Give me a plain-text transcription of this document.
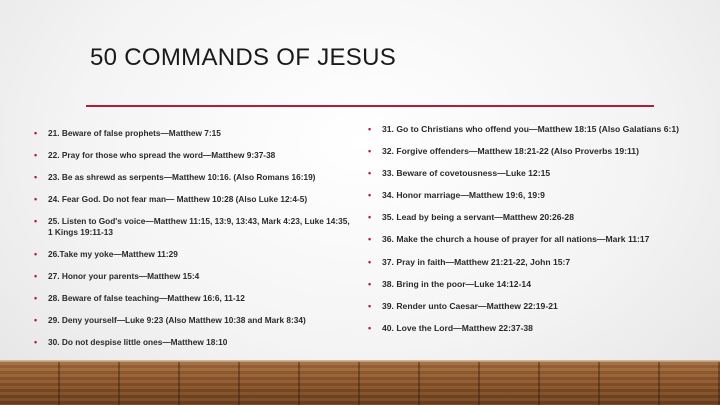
50 COMMANDS OF JESUS
• 21. Beware of false prophets—Matthew 7:15
• 22. Pray for those who spread the word—Matthew 9:37-38
• 23. Be as shrewd as serpents—Matthew 10:16. (Also Romans 16:19)
• 24. Fear God. Do not fear man— Matthew 10:28 (Also Luke 12:4-5)
• 25. Listen to God's voice—Matthew 11:15, 13:9, 13:43, Mark 4:23, Luke 14:35, 1 Kings 19:11-13
• 26.Take my yoke—Matthew 11:29
• 27. Honor your parents—Matthew 15:4
• 28. Beware of false teaching—Matthew 16:6, 11-12
• 29. Deny yourself—Luke 9:23 (Also Matthew 10:38 and Mark 8:34)
• 30. Do not despise little ones—Matthew 18:10
• 31. Go to Christians who offend you—Matthew 18:15 (Also Galatians 6:1)
• 32. Forgive offenders—Matthew 18:21-22 (Also Proverbs 19:11)
• 33. Beware of covetousness—Luke 12:15
• 34. Honor marriage—Matthew 19:6, 19:9
• 35. Lead by being a servant—Matthew 20:26-28
• 36. Make the church a house of prayer for all nations—Mark 11:17
• 37. Pray in faith—Matthew 21:21-22, John 15:7
• 38. Bring in the poor—Luke 14:12-14
• 39. Render unto Caesar—Matthew 22:19-21
• 40. Love the Lord—Matthew 22:37-38
